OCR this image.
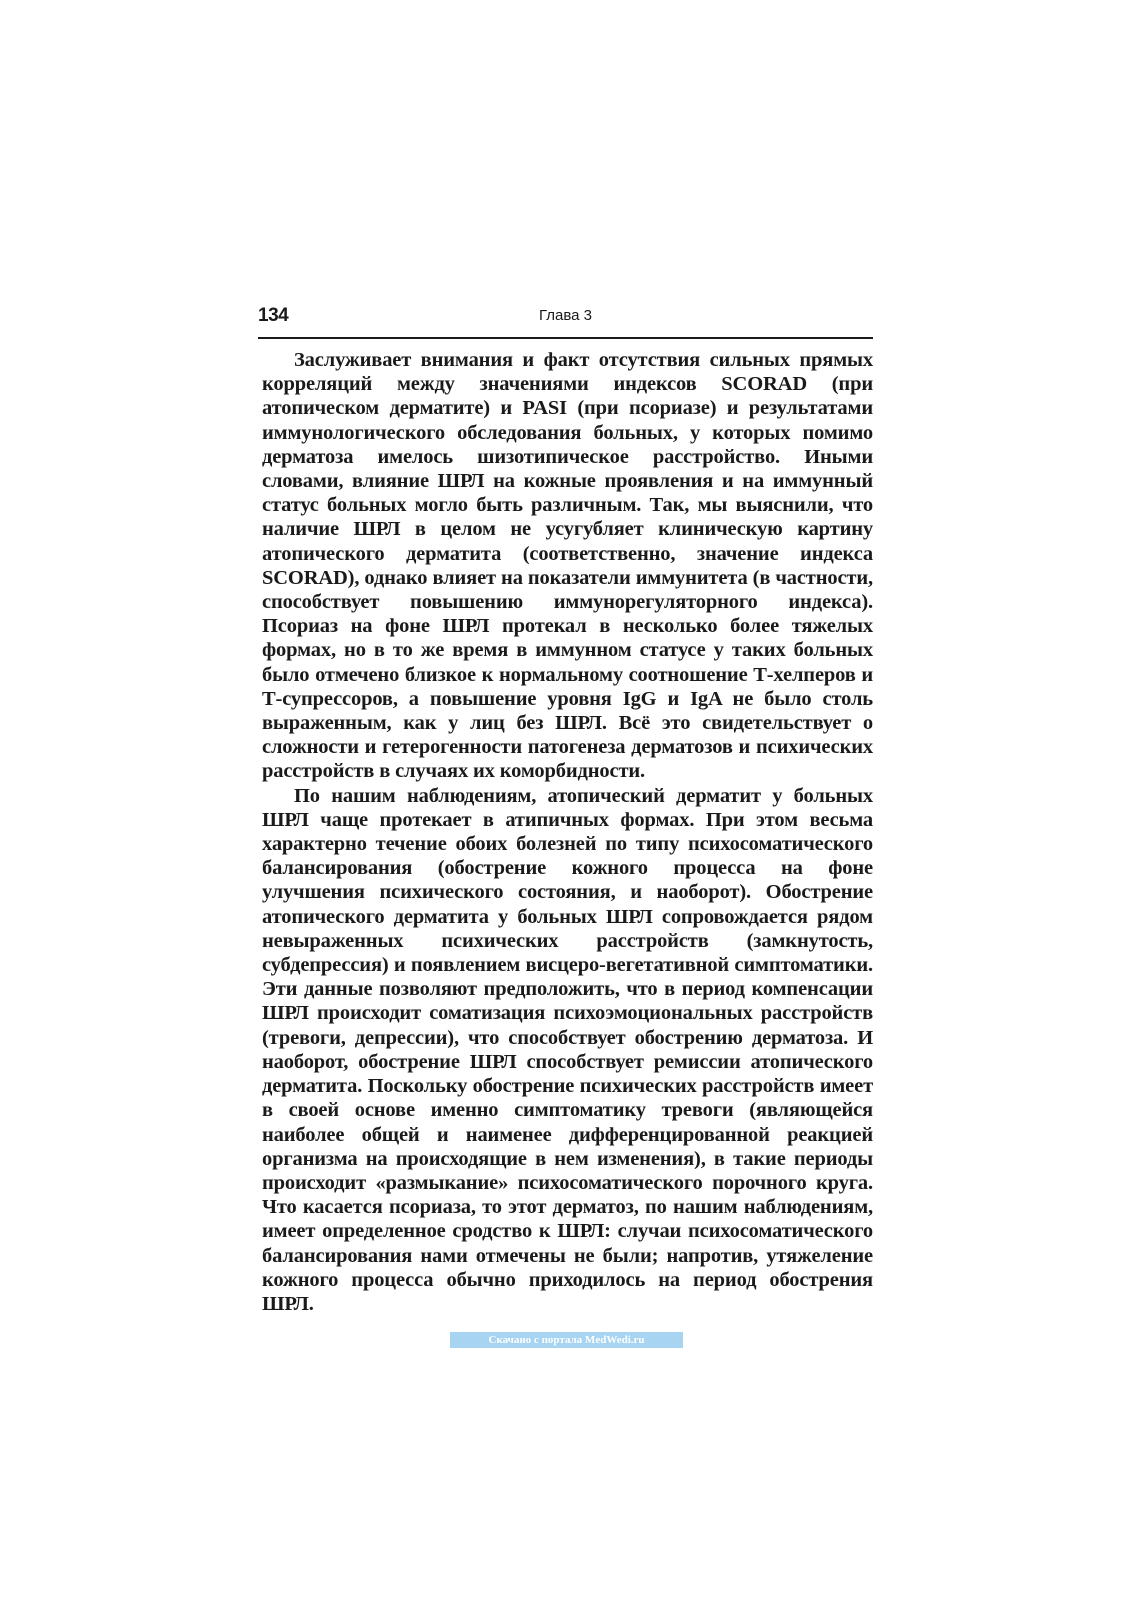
134	Глава 3

Заслуживает внимания и факт отсутствия сильных прямых корреляций между значениями индексов SCORAD (при атопическом дерматите) и PASI (при псориазе) и результатами иммунологического обследования больных, у которых помимо дерматоза имелось шизотипическое расстройство. Иными словами, влияние ШРЛ на кожные проявления и на иммунный статус больных могло быть различным. Так, мы выяснили, что наличие ШРЛ в целом не усугубляет клиническую картину атопического дерматита (соответственно, значение индекса SCORAD), однако влияет на показатели иммунитета (в частности, способствует повышению иммунорегуляторного индекса). Псориаз на фоне ШРЛ протекал в несколько более тяжелых формах, но в то же время в иммунном статусе у таких больных было отмечено близкое к нормальному соотношение Т-хелперов и Т-супрессоров, а повышение уровня IgG и IgA не было столь выраженным, как у лиц без ШРЛ. Всё это свидетельствует о сложности и гетерогенности патогенеза дерматозов и психических расстройств в случаях их коморбидности.

По нашим наблюдениям, атопический дерматит у больных ШРЛ чаще протекает в атипичных формах. При этом весьма характерно течение обоих болезней по типу психосоматического балансирования (обострение кожного процесса на фоне улучшения психического состояния, и наоборот). Обострение атопического дерматита у больных ШРЛ сопровождается рядом невыраженных психических расстройств (замкнутость, субдепрессия) и появлением висцеро-вегетативной симптоматики. Эти данные позволяют предположить, что в период компенсации ШРЛ происходит соматизация психоэмоциональных расстройств (тревоги, депрессии), что способствует обострению дерматоза. И наоборот, обострение ШРЛ способствует ремиссии атопического дерматита. Поскольку обострение психических расстройств имеет в своей основе именно симптоматику тревоги (являющейся наиболее общей и наименее дифференцированной реакцией организма на происходящие в нем изменения), в такие периоды происходит «размыкание» психосоматического порочного круга. Что касается псориаза, то этот дерматоз, по нашим наблюдениям, имеет определенное сродство к ШРЛ: случаи психосоматического балансирования нами отмечены не были; напротив, утяжеление кожного процесса обычно приходилось на период обострения ШРЛ.

Скачано с портала MedWedi.ru
